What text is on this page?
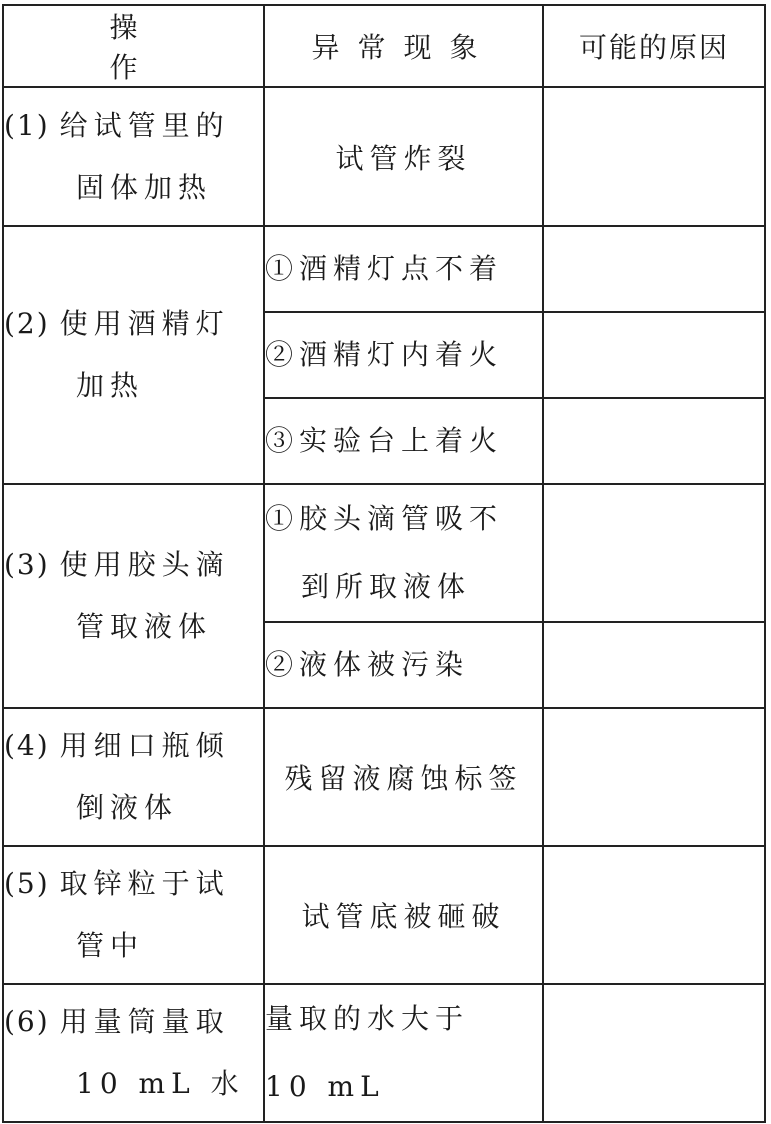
操 作	异常现象	可能的原因
(1) 给试管里的
固体加热	试管炸裂	
(2) 使用酒精灯
加热	①酒精灯点不着	
	②酒精灯内着火	
	③实验台上着火	
(3) 使用胶头滴
管取液体	①胶头滴管吸不
到所取液体	

	②液体被污染	
(4) 用细口瓶倾
倒液体	残留液腐蚀标签	
(5) 取锌粒于试
管中	试管底被砸破	
(6) 用量筒量取
10 mL 水	量取的水大于
10 mL	
